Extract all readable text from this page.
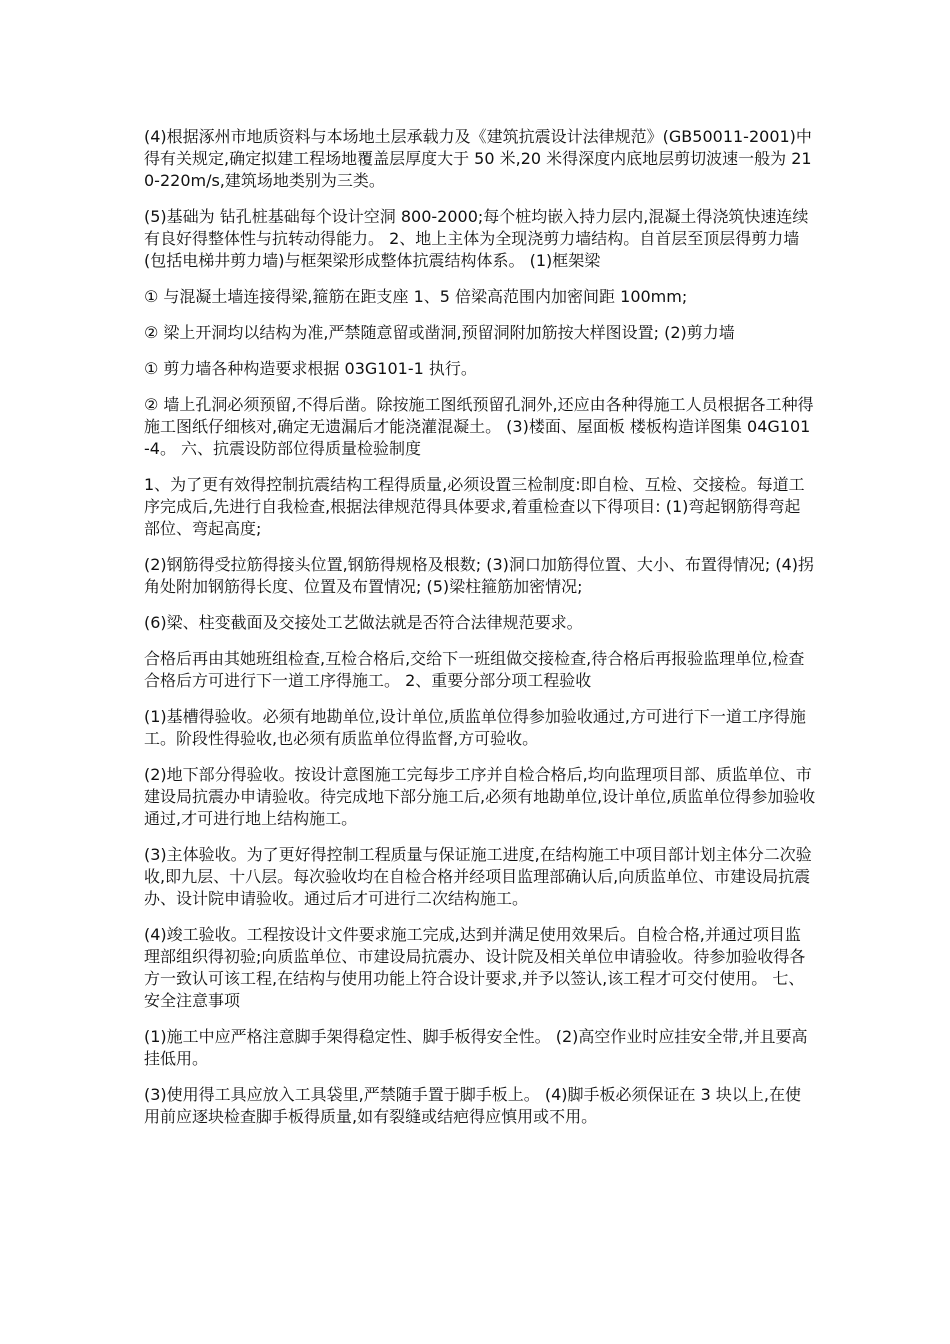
(4)根据涿州市地质资料与本场地土层承载力及《建筑抗震设计法律规范》(GB50011-2001)中得有关规定,确定拟建工程场地覆盖层厚度大于 50 米,20 米得深度内底地层剪切波速一般为 210-220m/s,建筑场地类别为三类。

(5)基础为 钻孔桩基础每个设计空洞 800-2000;每个桩均嵌入持力层内,混凝土得浇筑快速连续有良好得整体性与抗转动得能力。 2、地上主体为全现浇剪力墙结构。自首层至顶层得剪力墙(包括电梯井剪力墙)与框架梁形成整体抗震结构体系。 (1)框架梁

① 与混凝土墙连接得梁,箍筋在距支座 1、5 倍梁高范围内加密间距 100mm;

② 梁上开洞均以结构为准,严禁随意留或凿洞,预留洞附加筋按大样图设置; (2)剪力墙

① 剪力墙各种构造要求根据 03G101-1 执行。

② 墙上孔洞必须预留,不得后凿。除按施工图纸预留孔洞外,还应由各种得施工人员根据各工种得施工图纸仔细核对,确定无遗漏后才能浇灌混凝土。 (3)楼面、屋面板 楼板构造详图集 04G101-4。 六、抗震设防部位得质量检验制度

1、为了更有效得控制抗震结构工程得质量,必须设置三检制度:即自检、互检、交接检。每道工序完成后,先进行自我检查,根据法律规范得具体要求,着重检查以下得项目: (1)弯起钢筋得弯起部位、弯起高度;

(2)钢筋得受拉筋得接头位置,钢筋得规格及根数; (3)洞口加筋得位置、大小、布置得情况; (4)拐角处附加钢筋得长度、位置及布置情况; (5)梁柱箍筋加密情况;

(6)梁、柱变截面及交接处工艺做法就是否符合法律规范要求。

合格后再由其她班组检查,互检合格后,交给下一班组做交接检查,待合格后再报验监理单位,检查合格后方可进行下一道工序得施工。 2、重要分部分项工程验收

(1)基槽得验收。必须有地勘单位,设计单位,质监单位得参加验收通过,方可进行下一道工序得施工。阶段性得验收,也必须有质监单位得监督,方可验收。

(2)地下部分得验收。按设计意图施工完每步工序并自检合格后,均向监理项目部、质监单位、市建设局抗震办申请验收。待完成地下部分施工后,必须有地勘单位,设计单位,质监单位得参加验收通过,才可进行地上结构施工。

(3)主体验收。为了更好得控制工程质量与保证施工进度,在结构施工中项目部计划主体分二次验收,即九层、十八层。每次验收均在自检合格并经项目监理部确认后,向质监单位、市建设局抗震办、设计院申请验收。通过后才可进行二次结构施工。

(4)竣工验收。工程按设计文件要求施工完成,达到并满足使用效果后。自检合格,并通过项目监理部组织得初验;向质监单位、市建设局抗震办、设计院及相关单位申请验收。待参加验收得各方一致认可该工程,在结构与使用功能上符合设计要求,并予以签认,该工程才可交付使用。 七、安全注意事项

(1)施工中应严格注意脚手架得稳定性、脚手板得安全性。 (2)高空作业时应挂安全带,并且要高挂低用。

(3)使用得工具应放入工具袋里,严禁随手置于脚手板上。 (4)脚手板必须保证在 3 块以上,在使用前应逐块检查脚手板得质量,如有裂缝或结疤得应慎用或不用。
